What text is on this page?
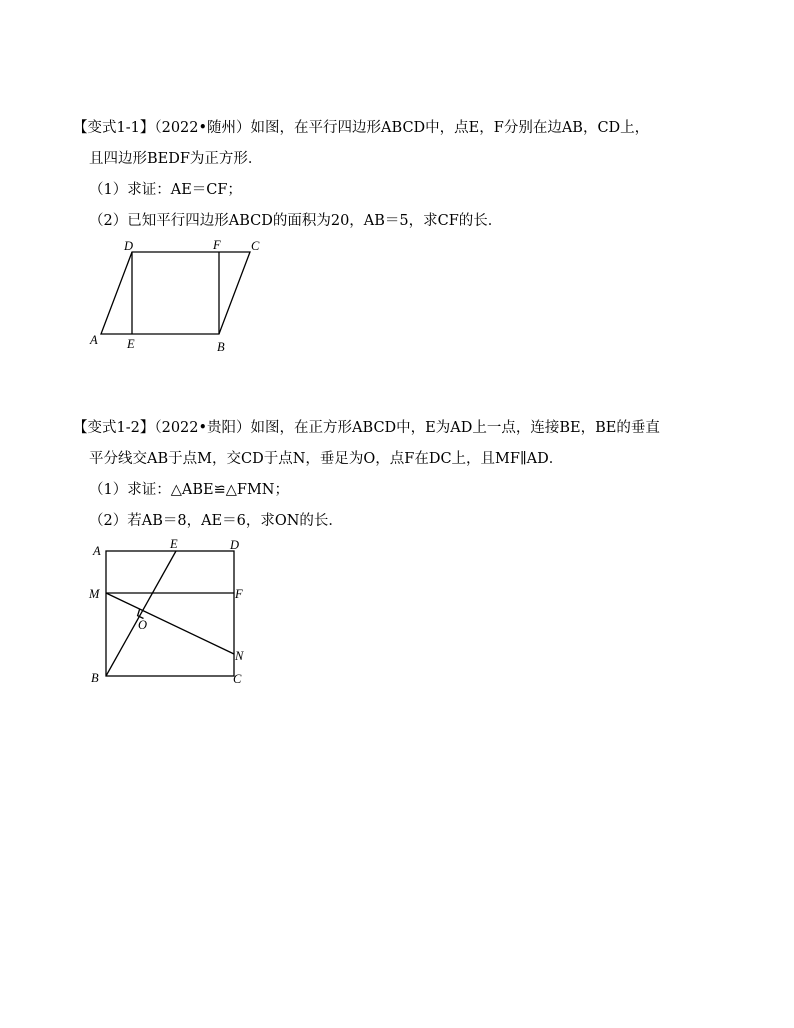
【变式1-1】（2022•随州）如图，在平行四边形ABCD中，点E，F分别在边AB，CD上，
且四边形BEDF为正方形．
（1）求证：AE＝CF；
（2）已知平行四边形ABCD的面积为20，AB＝5，求CF的长．
A E	B
D	F C
【变式1-2】（2022•贵阳）如图，在正方形ABCD中，E为AD上一点，连接BE，BE的垂直
平分线交AB于点M，交CD于点N，垂足为O，点F在DC上，且MF∥AD．
（1）求证：△ABE≌△FMN；
（2）若AB＝8，AE＝6，求ON的长．
A	E	D
M	F
O
N
B	C
